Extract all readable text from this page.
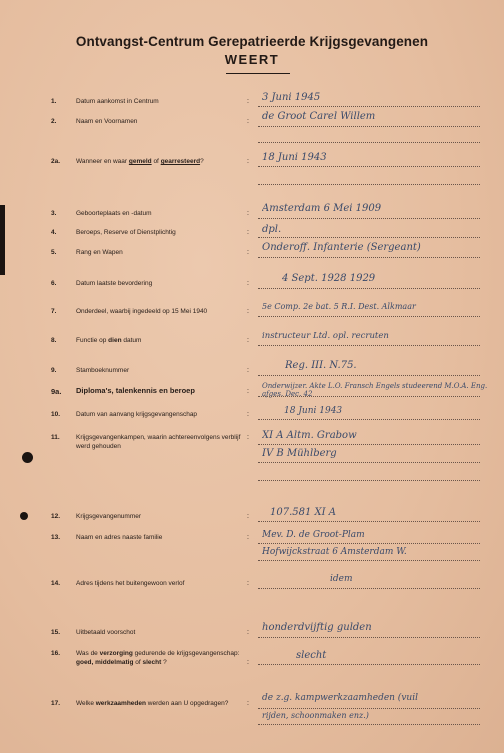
Ontvangst-Centrum Gerepatrieerde Krijgsgevangenen
WEERT
1.	Datum aankomst in Centrum	: 3 Juni 1945
2.	Naam en Voornamen	: de Groot Carel Willem
2a.	Wanneer en waar gemeld of gearresteerd?	: 18 Juni 1943
3.	Geboorteplaats en -datum	: Amsterdam 6 Mei 1909
4.	Beroeps, Reserve of Dienstplichtig	: dpl.
5.	Rang en Wapen	: Onderoff. Infanterie (Sergeant)
6.	Datum laatste bevordering	:	4 Sept. 1928 1929
7.	Onderdeel, waarbij ingedeeld op 15 Mei 1940	:
5e Comp. 2e bat. 5 R.I. Dest. Alkmaar
8.	Functie op dien datum	: instructeur Ltd. opl. recruten
9.	Stamboeknummer	:	Reg. III. N.75.
9a.	Diploma's, talenkennis en beroep	:
Onderwijzer. Akte L.O. Fransch Engels studeerend M.O.A. Eng. afges. Dec. 42
10.	Datum van aanvang krijgsgevangenschap	:	18 Juni 1943
11.	Krijgsgevangenkampen, waarin achtereenvolgens verblijf werd gehouden
: XI A Altm. Grabow
IV B Mühlberg
12.	Krijgsgevangenummer	: 107.581 XI A
13.	Naam en adres naaste familie	: Mev. D. de Groot-Plam
Hofwijckstraat 6 Amsterdam W.
14.	Adres tijdens het buitengewoon verlof	:	idem
15.	Uitbetaald voorschot	: honderdvijftig gulden
16.	Was de verzorging gedurende de krijgsgevangenschap: goed, middelmatig of slecht ?	:
slecht
17.	Welke werkzaamheden werden aan U opgedragen?	:
de z.g. kampwerkzaamheden (vuil
rijden, schoonmaken enz.)
